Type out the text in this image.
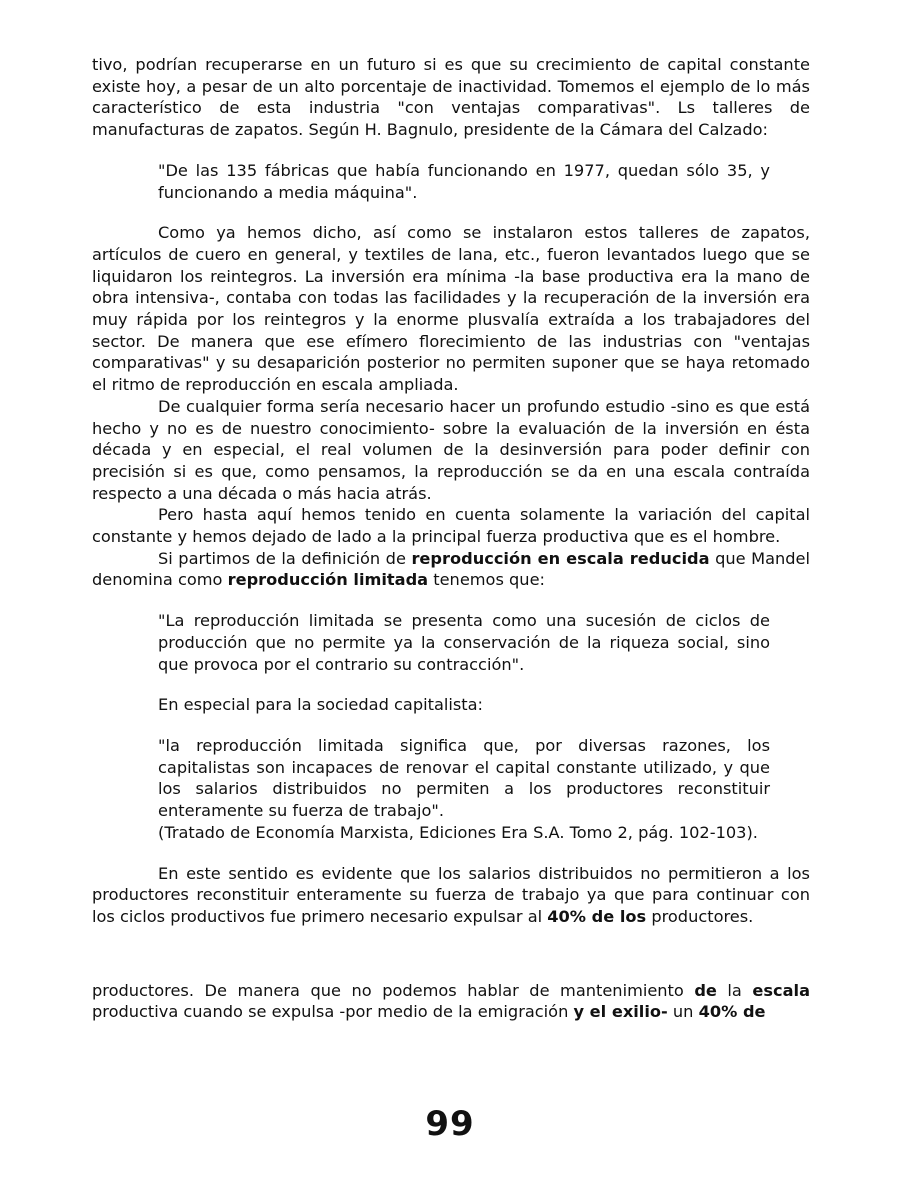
tivo, podrían recuperarse en un futuro si es que su crecimiento de capital constante existe hoy, a pesar de un alto porcentaje de inactividad. Tomemos el ejemplo de lo más característico de esta industria "con ventajas comparativas". Ls talleres de manufacturas de zapatos. Según H. Bagnulo, presidente de la Cámara del Calzado:

"De las 135 fábricas que había funcionando en 1977, quedan sólo 35, y funcionando a media máquina".

Como ya hemos dicho, así como se instalaron estos talleres de zapatos, artículos de cuero en general, y textiles de lana, etc., fueron levantados luego que se liquidaron los reintegros. La inversión era mínima -la base productiva era la mano de obra intensiva-, contaba con todas las facilidades y la recuperación de la inversión era muy rápida por los reintegros y la enorme plusvalía extraída a los trabajadores del sector. De manera que ese efímero florecimiento de las industrias con "ventajas comparativas" y su desaparición posterior no permiten suponer que se haya retomado el ritmo de reproducción en escala ampliada.

De cualquier forma sería necesario hacer un profundo estudio -sino es que está hecho y no es de nuestro conocimiento- sobre la evaluación de la inversión en ésta década y en especial, el real volumen de la desinversión para poder definir con precisión si es que, como pensamos, la reproducción se da en una escala contraída respecto a una década o más hacia atrás.

Pero hasta aquí hemos tenido en cuenta solamente la variación del capital constante y hemos dejado de lado a la principal fuerza productiva que es el hombre.

Si partimos de la definición de reproducción en escala reducida que Mandel denomina como reproducción limitada tenemos que:

"La reproducción limitada se presenta como una sucesión de ciclos de producción que no permite ya la conservación de la riqueza social, sino que provoca por el contrario su contracción".

En especial para la sociedad capitalista:

"la reproducción limitada significa que, por diversas razones, los capitalistas son incapaces de renovar el capital constante utilizado, y que los salarios distribuidos no permiten a los productores reconstituir enteramente su fuerza de trabajo".

(Tratado de Economía Marxista, Ediciones Era S.A. Tomo 2, pág. 102-103).

En este sentido es evidente que los salarios distribuidos no permitieron a los productores reconstituir enteramente su fuerza de trabajo ya que para continuar con los ciclos productivos fue primero necesario expulsar al 40% de los productores.

productores. De manera que no podemos hablar de mantenimiento de la escala productiva cuando se expulsa -por medio de la emigración y el exilio- un 40% de

99
